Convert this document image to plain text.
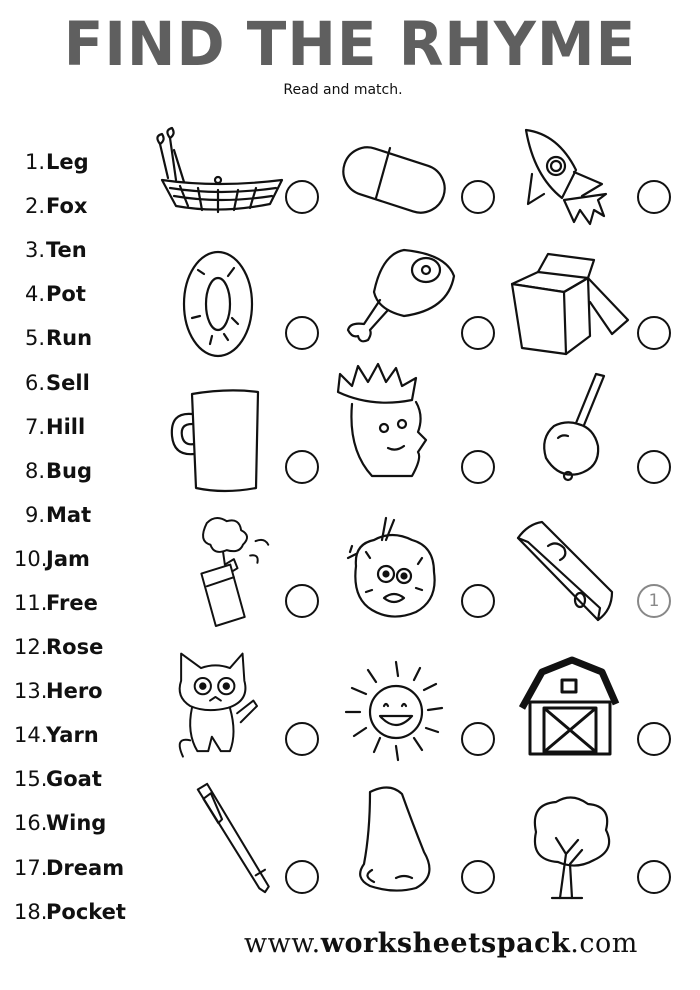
FIND THE RHYME
Read and match.
1. Leg
2. Fox
3. Ten
4. Pot
5. Run
6. Sell
7. Hill
8. Bug
9. Mat
10.
Jam
11.
Free
12.
Rose
13.
Hero
14.
Yarn
15.
Goat
16.
Wing
17.
Dream
18.
Pocket
1
www.worksheetspack.com
